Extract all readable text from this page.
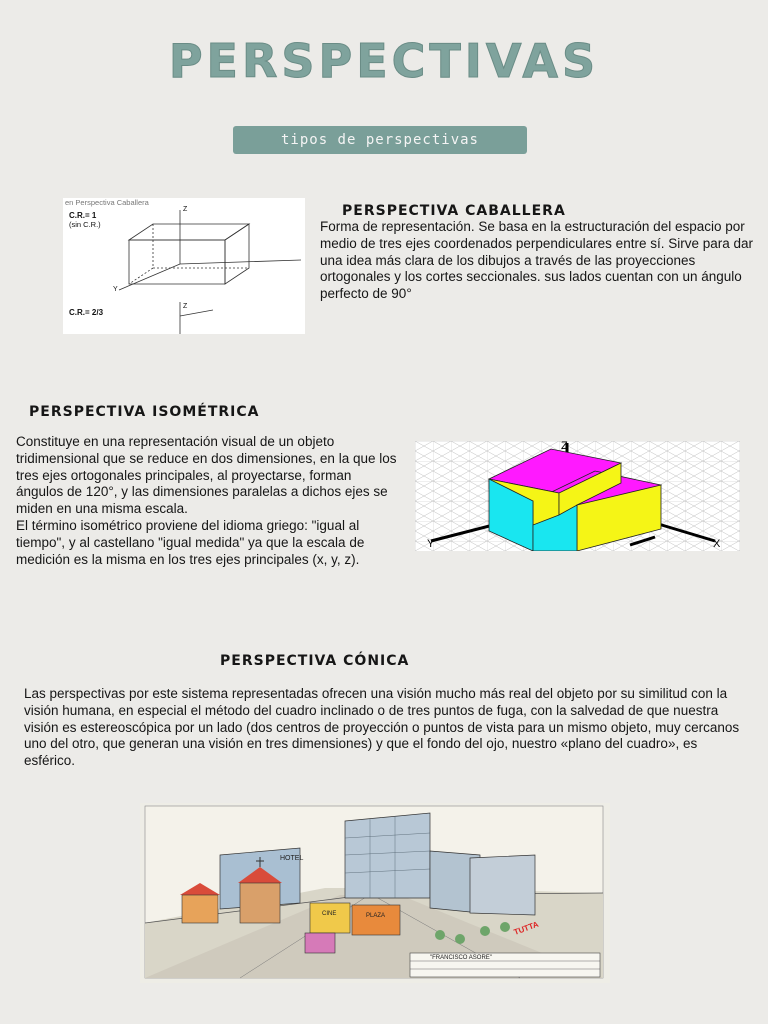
PERSPECTIVAS
tipos de perspectivas
en Perspectiva Caballera
C.R.= 1
(sin C.R.)
Z
Y
C.R.= 2/3
Z
PERSPECTIVA CABALLERA
Forma de representación. Se basa en la estructuración del espacio por medio de tres ejes coordenados perpendiculares entre sí. Sirve para dar una idea más clara de los dibujos a través de las proyecciones ortogonales y los cortes seccionales. sus lados cuentan con un ángulo perfecto de 90°
PERSPECTIVA ISOMÉTRICA
Constituye en una representación visual de un objeto tridimensional que se reduce en dos dimensiones, en la que los tres ejes ortogonales principales, al proyectarse, forman ángulos de 120°, y las dimensiones paralelas a dichos ejes se miden en una misma escala.
El término isométrico proviene del idioma griego: "igual al tiempo", y al castellano "igual medida" ya que la escala de medición es la misma en los tres ejes principales (x, y, z).
Z
Y	X
PERSPECTIVA CÓNICA
Las perspectivas por este sistema representadas ofrecen una visión mucho más real del objeto por su similitud con la visión humana, en especial el método del cuadro inclinado o de tres puntos de fuga, con la salvedad de que nuestra visión es estereoscópica por un lado (dos centros de proyección o puntos de vista para un mismo objeto, muy cercanos uno del otro, que generan una visión en tres dimensiones) y que el fondo del ojo, nuestro «plano del cuadro», es esférico.
HOTEL
CINE	PLAZA
TUTTA
"FRANCISCO ASORE"
